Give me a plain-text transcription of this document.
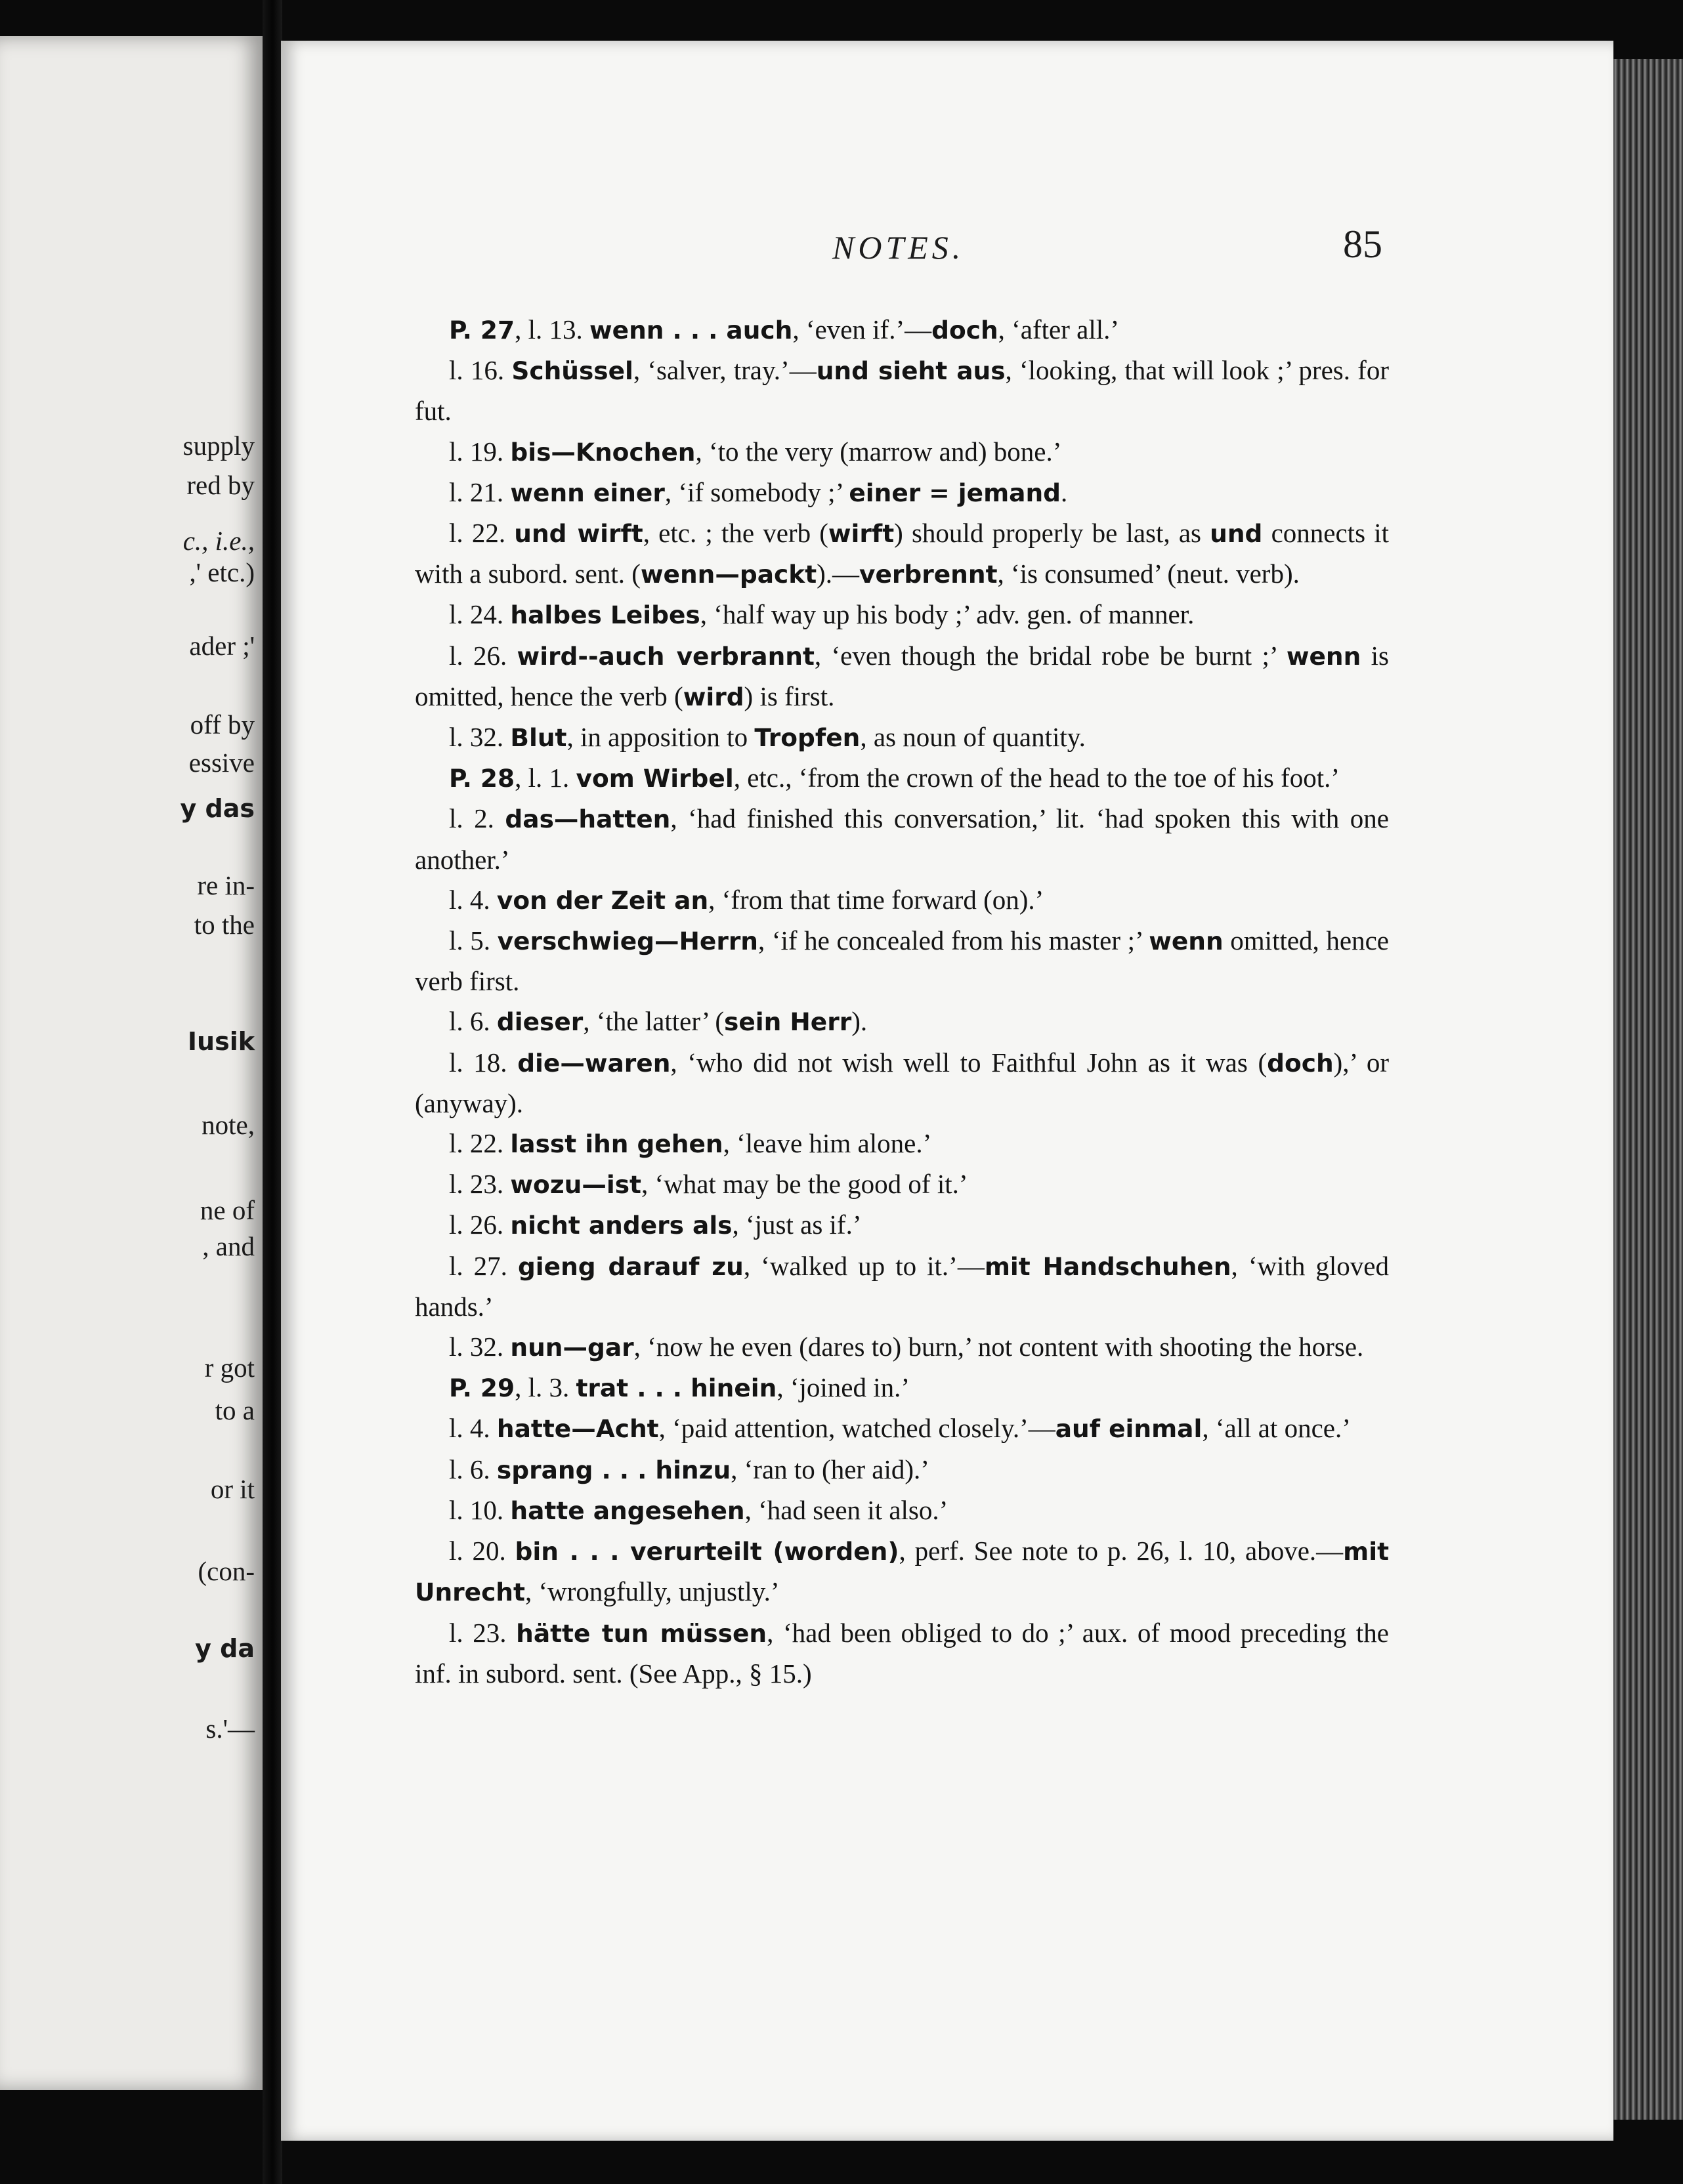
supply
red by
c., i.e.,
,' etc.)
ader ;'
off by
essive
y das
re in-
to the
Iusik
note,
ne of
, and
r got
to a
or it
(con-
y da
s.'—
NOTES.	85

P. 27, l. 13. wenn . . . auch, ‘even if.’—doch, ‘after all.’

l. 16. Schüssel, ‘salver, tray.’—und sieht aus, ‘looking, that will look ;’ pres. for fut.

l. 19. bis—Knochen, ‘to the very (marrow and) bone.’

l. 21. wenn einer, ‘if somebody ;’ einer = jemand.

l. 22. und wirft, etc. ; the verb (wirft) should properly be last, as und connects it with a subord. sent. (wenn—packt).—verbrennt, ‘is consumed’ (neut. verb).

l. 24. halbes Leibes, ‘half way up his body ;’ adv. gen. of manner.

l. 26. wird--auch verbrannt, ‘even though the bridal robe be burnt ;’ wenn is omitted, hence the verb (wird) is first.

l. 32. Blut, in apposition to Tropfen, as noun of quantity.

P. 28, l. 1. vom Wirbel, etc., ‘from the crown of the head to the toe of his foot.’

l. 2. das—hatten, ‘had finished this conversation,’ lit. ‘had spoken this with one another.’

l. 4. von der Zeit an, ‘from that time forward (on).’

l. 5. verschwieg—Herrn, ‘if he concealed from his master ;’ wenn omitted, hence verb first.

l. 6. dieser, ‘the latter’ (sein Herr).

l. 18. die—waren, ‘who did not wish well to Faithful John as it was (doch),’ or (anyway).

l. 22. lasst ihn gehen, ‘leave him alone.’

l. 23. wozu—ist, ‘what may be the good of it.’

l. 26. nicht anders als, ‘just as if.’

l. 27. gieng darauf zu, ‘walked up to it.’—mit Handschuhen, ‘with gloved hands.’

l. 32. nun—gar, ‘now he even (dares to) burn,’ not content with shooting the horse.

P. 29, l. 3. trat . . . hinein, ‘joined in.’

l. 4. hatte—Acht, ‘paid attention, watched closely.’—auf einmal, ‘all at once.’

l. 6. sprang . . . hinzu, ‘ran to (her aid).’

l. 10. hatte angesehen, ‘had seen it also.’

l. 20. bin . . . verurteilt (worden), perf. See note to p. 26, l. 10, above.—mit Unrecht, ‘wrongfully, unjustly.’

l. 23. hätte tun müssen, ‘had been obliged to do ;’ aux. of mood preceding the inf. in subord. sent. (See App., § 15.)
